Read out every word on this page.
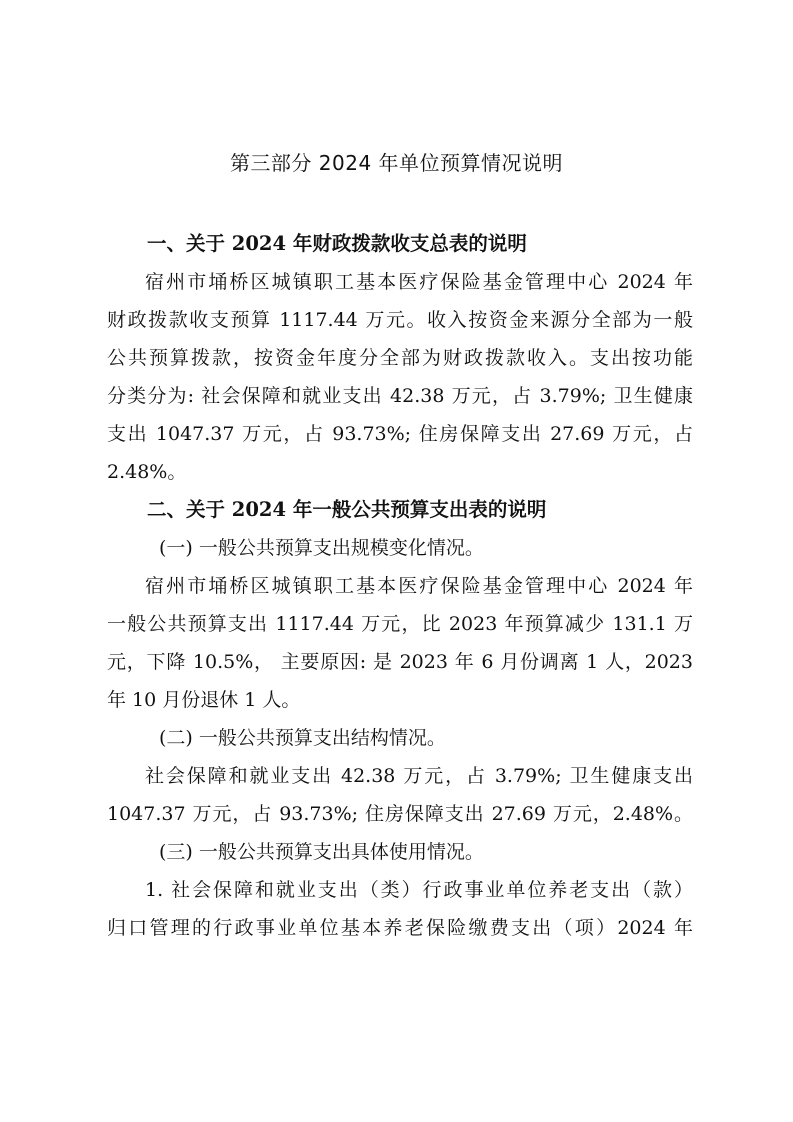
第三部分 2024 年单位预算情况说明
一、关于 2024 年财政拨款收支总表的说明
宿州市埇桥区城镇职工基本医疗保险基金管理中心 2024 年
财政拨款收支预算 1117.44 万元。收入按资金来源分全部为一般
公共预算拨款，按资金年度分全部为财政拨款收入。支出按功能
分类分为: 社会保障和就业支出 42.38 万元，占 3.79%; 卫生健康
支出 1047.37 万元，占 93.73%; 住房保障支出 27.69 万元，占
2.48%。
二、关于 2024 年一般公共预算支出表的说明
(一) 一般公共预算支出规模变化情况。
宿州市埇桥区城镇职工基本医疗保险基金管理中心 2024 年
一般公共预算支出 1117.44 万元，比 2023 年预算减少 131.1 万
元，下降 10.5%， 主要原因: 是 2023 年 6 月份调离 1 人，2023
年 10 月份退休 1 人。
(二) 一般公共预算支出结构情况。
社会保障和就业支出 42.38 万元，占 3.79%; 卫生健康支出
1047.37 万元，占 93.73%; 住房保障支出 27.69 万元，2.48%。
(三) 一般公共预算支出具体使用情况。
1. 社会保障和就业支出（类）行政事业单位养老支出（款）
归口管理的行政事业单位基本养老保险缴费支出（项）2024 年
